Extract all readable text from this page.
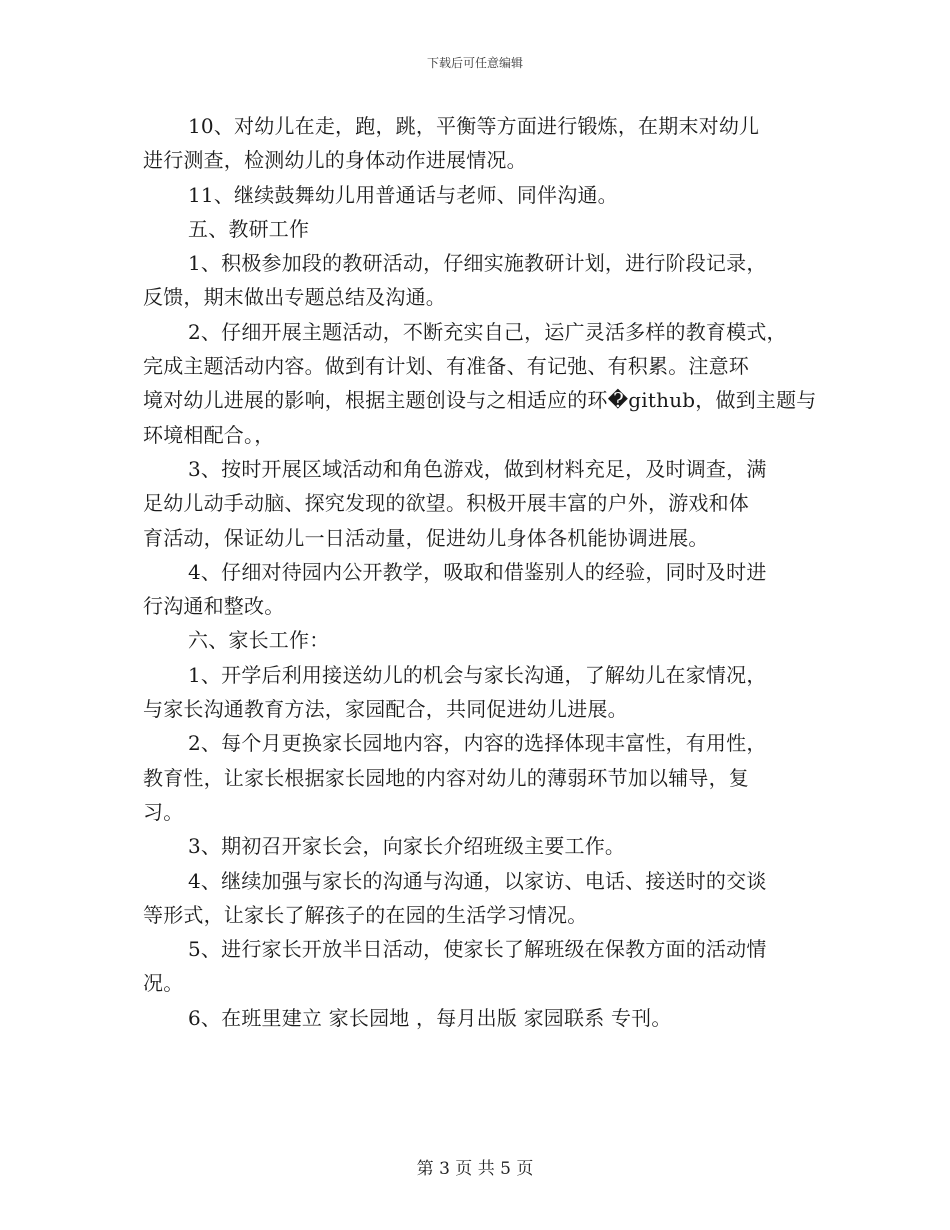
下载后可任意编辑
10、对幼儿在走，跑，跳，平衡等方面进行锻炼，在期末对幼儿
进行测查，检测幼儿的身体动作进展情况。
11、继续鼓舞幼儿用普通话与老师、同伴沟通。
五、教研工作
1、积极参加段的教研活动，仔细实施教研计划，进行阶段记录，
反馈，期末做出专题总结及沟通。
2、仔细开展主题活动，不断充实自己，运广灵活多样的教育模式，
完成主题活动内容。做到有计划、有准备、有记弛、有积累。注意环
境对幼儿进展的影响，根据主题创设与之相适应的环�github，做到主题与
环境相配合。，
3、按时开展区域活动和角色游戏，做到材料充足，及时调查，满
足幼儿动手动脑、探究发现的欲望。积极开展丰富的户外，游戏和体
育活动，保证幼儿一日活动量，促进幼儿身体各机能协调进展。
4、仔细对待园内公开教学，吸取和借鉴别人的经验，同时及时进
行沟通和整改。
六、家长工作：
1、开学后利用接送幼儿的机会与家长沟通，了解幼儿在家情况，
与家长沟通教育方法，家园配合，共同促进幼儿进展。
2、每个月更换家长园地内容，内容的选择体现丰富性，有用性，
教育性，让家长根据家长园地的内容对幼儿的薄弱环节加以辅导，复
习。
3、期初召开家长会，向家长介绍班级主要工作。
4、继续加强与家长的沟通与沟通，以家访、电话、接送时的交谈
等形式，让家长了解孩子的在园的生活学习情况。
5、进行家长开放半日活动，使家长了解班级在保教方面的活动情
况。
6、在班里建立 家长园地 ，每月出版 家园联系 专刊。
第 3 页 共 5 页
